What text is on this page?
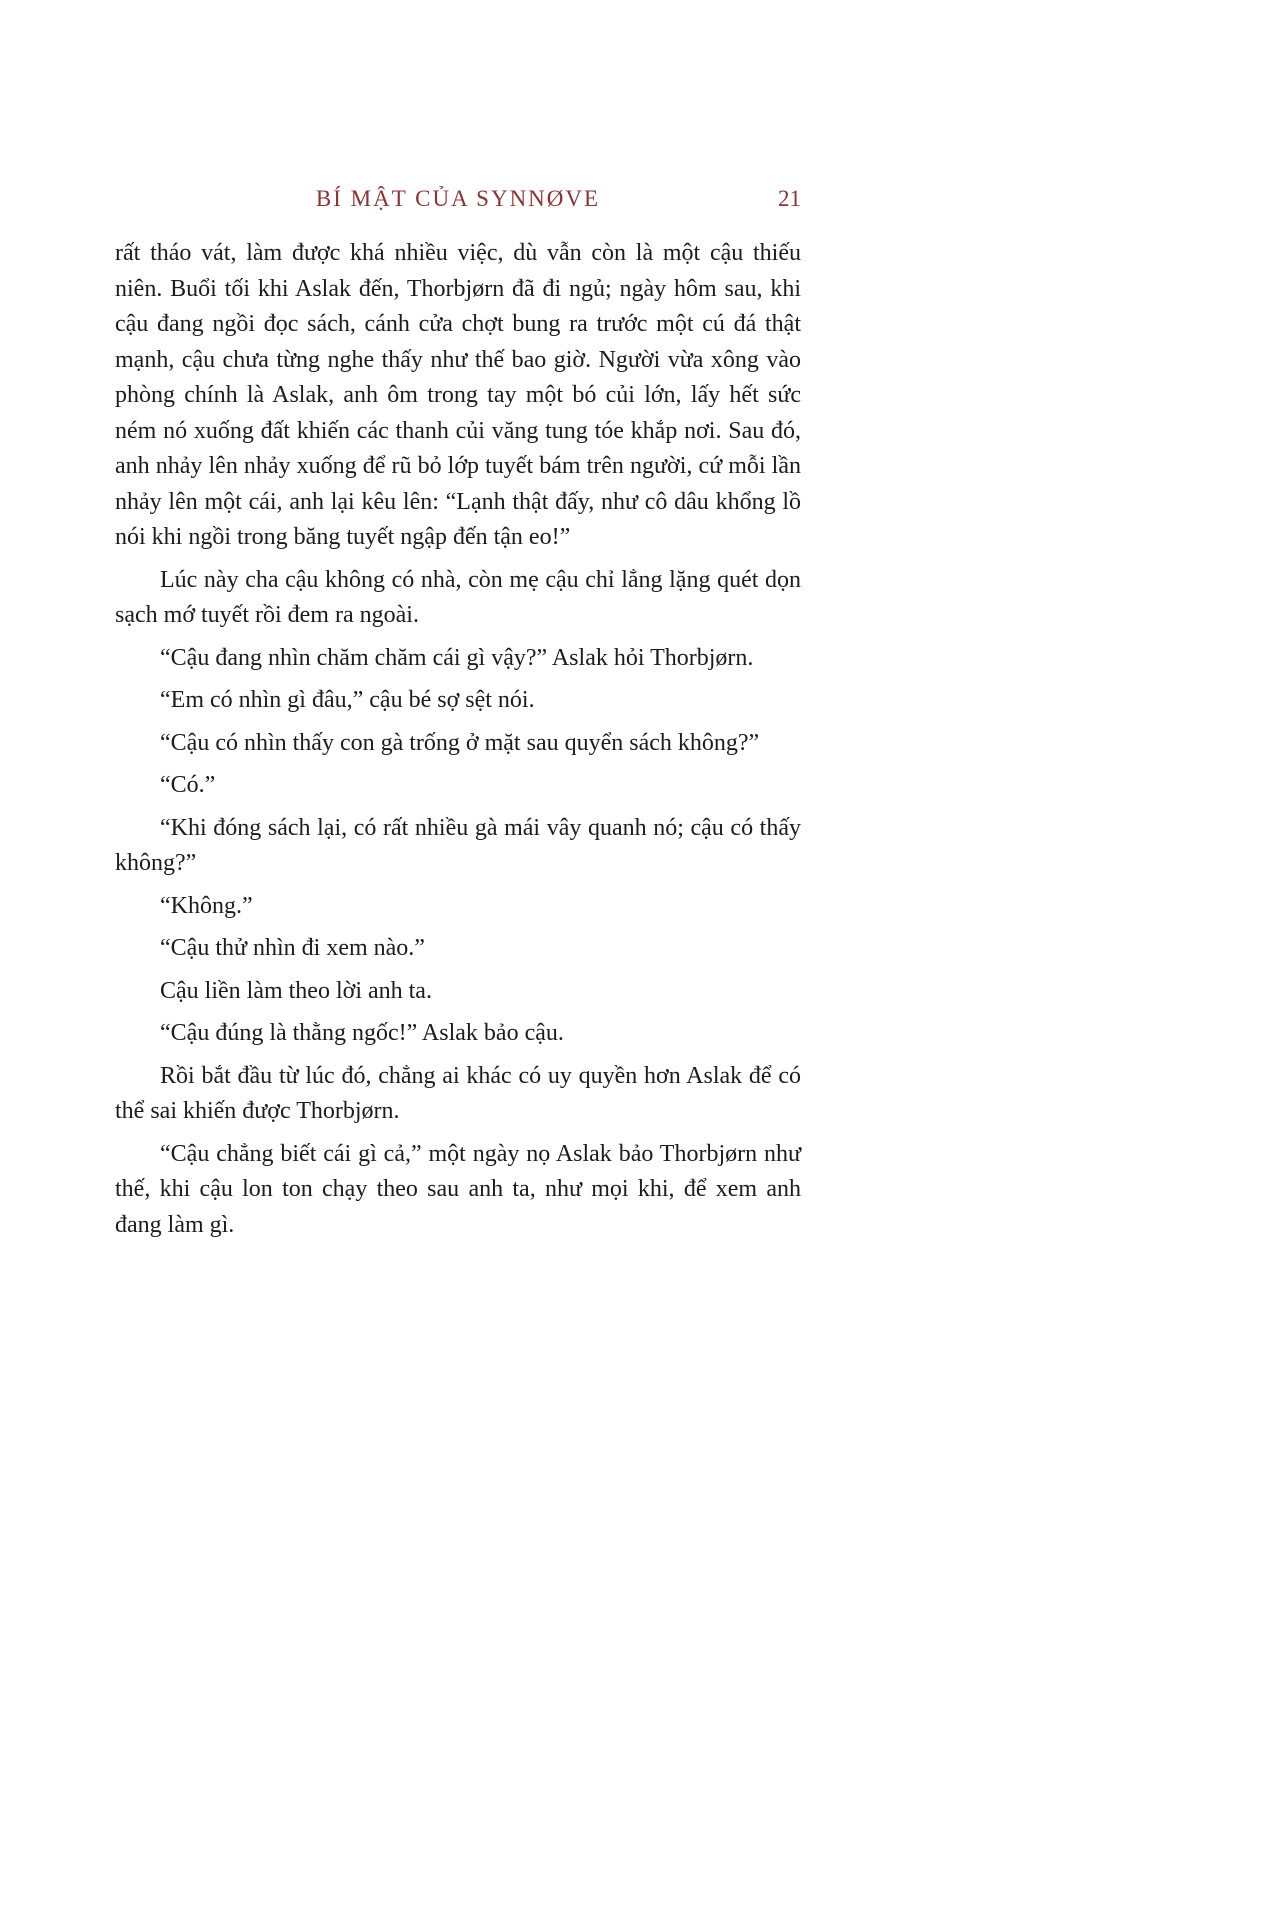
BÍ MẬT CỦA SYNNØVE	21

rất tháo vát, làm được khá nhiều việc, dù vẫn còn là một cậu thiếu niên. Buổi tối khi Aslak đến, Thorbjørn đã đi ngủ; ngày hôm sau, khi cậu đang ngồi đọc sách, cánh cửa chợt bung ra trước một cú đá thật mạnh, cậu chưa từng nghe thấy như thế bao giờ. Người vừa xông vào phòng chính là Aslak, anh ôm trong tay một bó củi lớn, lấy hết sức ném nó xuống đất khiến các thanh củi văng tung tóe khắp nơi. Sau đó, anh nhảy lên nhảy xuống để rũ bỏ lớp tuyết bám trên người, cứ mỗi lần nhảy lên một cái, anh lại kêu lên: “Lạnh thật đấy, như cô dâu khổng lồ nói khi ngồi trong băng tuyết ngập đến tận eo!”

Lúc này cha cậu không có nhà, còn mẹ cậu chỉ lẳng lặng quét dọn sạch mớ tuyết rồi đem ra ngoài.

“Cậu đang nhìn chăm chăm cái gì vậy?” Aslak hỏi Thorbjørn.

“Em có nhìn gì đâu,” cậu bé sợ sệt nói.

“Cậu có nhìn thấy con gà trống ở mặt sau quyển sách không?”

“Có.”

“Khi đóng sách lại, có rất nhiều gà mái vây quanh nó; cậu có thấy không?”

“Không.”

“Cậu thử nhìn đi xem nào.”

Cậu liền làm theo lời anh ta.

“Cậu đúng là thằng ngốc!” Aslak bảo cậu.

Rồi bắt đầu từ lúc đó, chẳng ai khác có uy quyền hơn Aslak để có thể sai khiến được Thorbjørn.

“Cậu chẳng biết cái gì cả,” một ngày nọ Aslak bảo Thorbjørn như thế, khi cậu lon ton chạy theo sau anh ta, như mọi khi, để xem anh đang làm gì.
